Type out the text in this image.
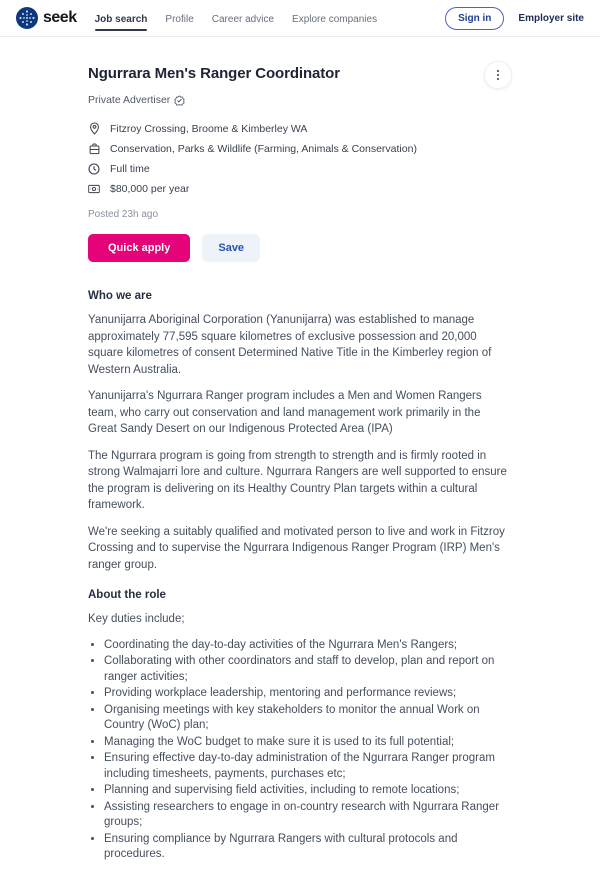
seek Job search Profile Career advice Explore companies	Sign in	Employer site
Ngurrara Men's Ranger Coordinator
Private Advertiser
Fitzroy Crossing, Broome & Kimberley WA
Conservation, Parks & Wildlife (Farming, Animals & Conservation)
Full time
$80,000 per year
Posted 23h ago
Quick apply	Save
Who we are

Yanunijarra Aboriginal Corporation (Yanunijarra) was established to manage approximately 77,595 square kilometres of exclusive possession and 20,000 square kilometres of consent Determined Native Title in the Kimberley region of Western Australia.

Yanunijarra's Ngurrara Ranger program includes a Men and Women Rangers team, who carry out conservation and land management work primarily in the Great Sandy Desert on our Indigenous Protected Area (IPA)

The Ngurrara program is going from strength to strength and is firmly rooted in strong Walmajarri lore and culture. Ngurrara Rangers are well supported to ensure the program is delivering on its Healthy Country Plan targets within a cultural framework.

We're seeking a suitably qualified and motivated person to live and work in Fitzroy Crossing and to supervise the Ngurrara Indigenous Ranger Program (IRP) Men's ranger group.

About the role

Key duties include;

• Coordinating the day-to-day activities of the Ngurrara Men's Rangers;
• Collaborating with other coordinators and staff to develop, plan and report on ranger activities;
• Providing workplace leadership, mentoring and performance reviews;
• Organising meetings with key stakeholders to monitor the annual Work on Country (WoC) plan;
• Managing the WoC budget to make sure it is used to its full potential;
• Ensuring effective day-to-day administration of the Ngurrara Ranger program including timesheets, payments, purchases etc;
• Planning and supervising field activities, including to remote locations;
• Assisting researchers to engage in on-country research with Ngurrara Ranger groups;
• Ensuring compliance by Ngurrara Rangers with cultural protocols and procedures.
